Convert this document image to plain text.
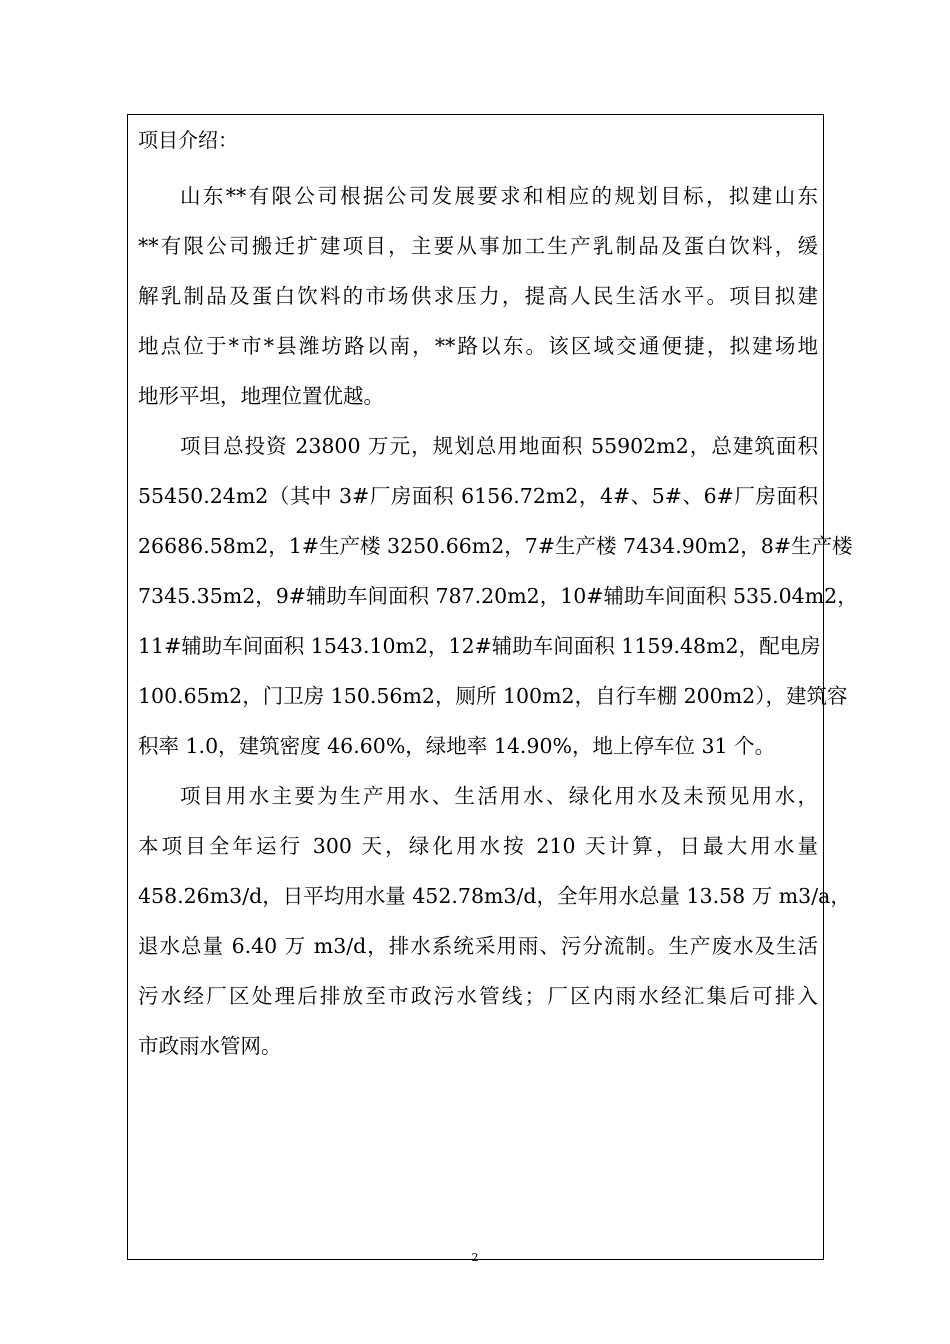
项目介绍：
山东**有限公司根据公司发展要求和相应的规划目标，拟建山东
**有限公司搬迁扩建项目，主要从事加工生产乳制品及蛋白饮料，缓
解乳制品及蛋白饮料的市场供求压力，提高人民生活水平。项目拟建
地点位于*市*县潍坊路以南，**路以东。该区域交通便捷，拟建场地
地形平坦，地理位置优越。
项目总投资 23800 万元，规划总用地面积 55902m2，总建筑面积
55450.24m2（其中 3#厂房面积 6156.72m2，4#、5#、6#厂房面积
26686.58m2，1#生产楼 3250.66m2，7#生产楼 7434.90m2，8#生产楼
7345.35m2，9#辅助车间面积 787.20m2，10#辅助车间面积 535.04m2，
11#辅助车间面积 1543.10m2，12#辅助车间面积 1159.48m2，配电房
100.65m2，门卫房 150.56m2，厕所 100m2，自行车棚 200m2），建筑容
积率 1.0，建筑密度 46.60%，绿地率 14.90%，地上停车位 31 个。
项目用水主要为生产用水、生活用水、绿化用水及未预见用水，
本项目全年运行 300 天，绿化用水按 210 天计算，日最大用水量
458.26m3/d，日平均用水量 452.78m3/d，全年用水总量 13.58 万 m3/a，
退水总量 6.40 万 m3/d，排水系统采用雨、污分流制。生产废水及生活
污水经厂区处理后排放至市政污水管线；厂区内雨水经汇集后可排入
市政雨水管网。
2
